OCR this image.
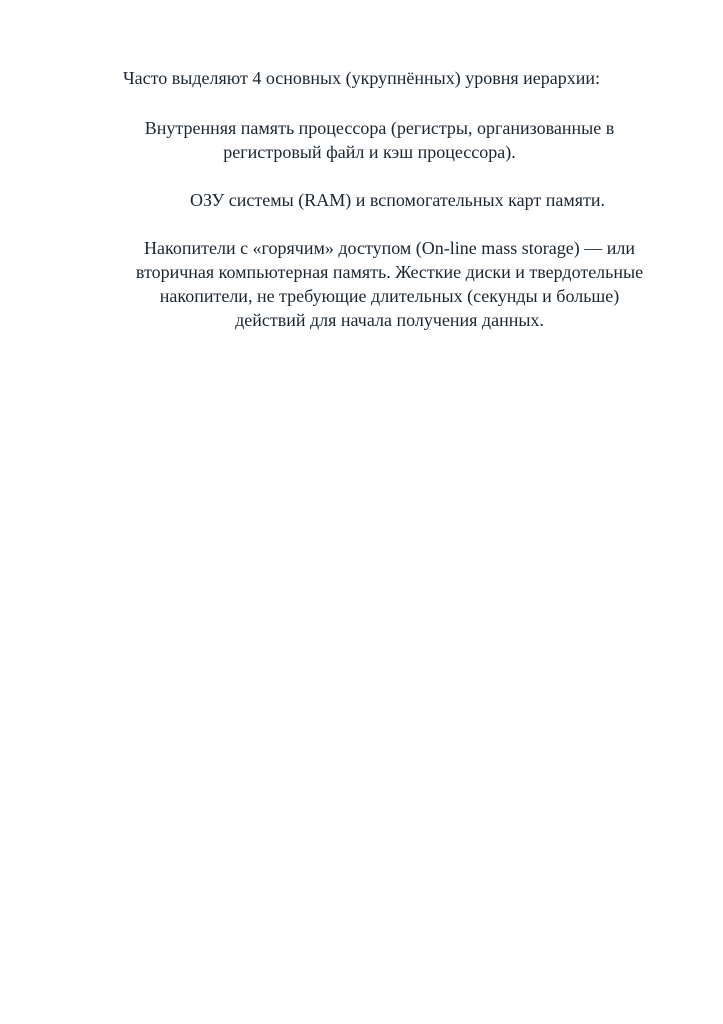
Часто выделяют 4 основных (укрупнённых) уровня иерархии:
Внутренняя память процессора (регистры, организованные в
регистровый файл и кэш процессора).
ОЗУ системы (RAM) и вспомогательных карт памяти.
Накопители с «горячим» доступом (On-line mass storage) — или
вторичная компьютерная память. Жесткие диски и твердотельные
накопители, не требующие длительных (секунды и больше)
действий для начала получения данных.
